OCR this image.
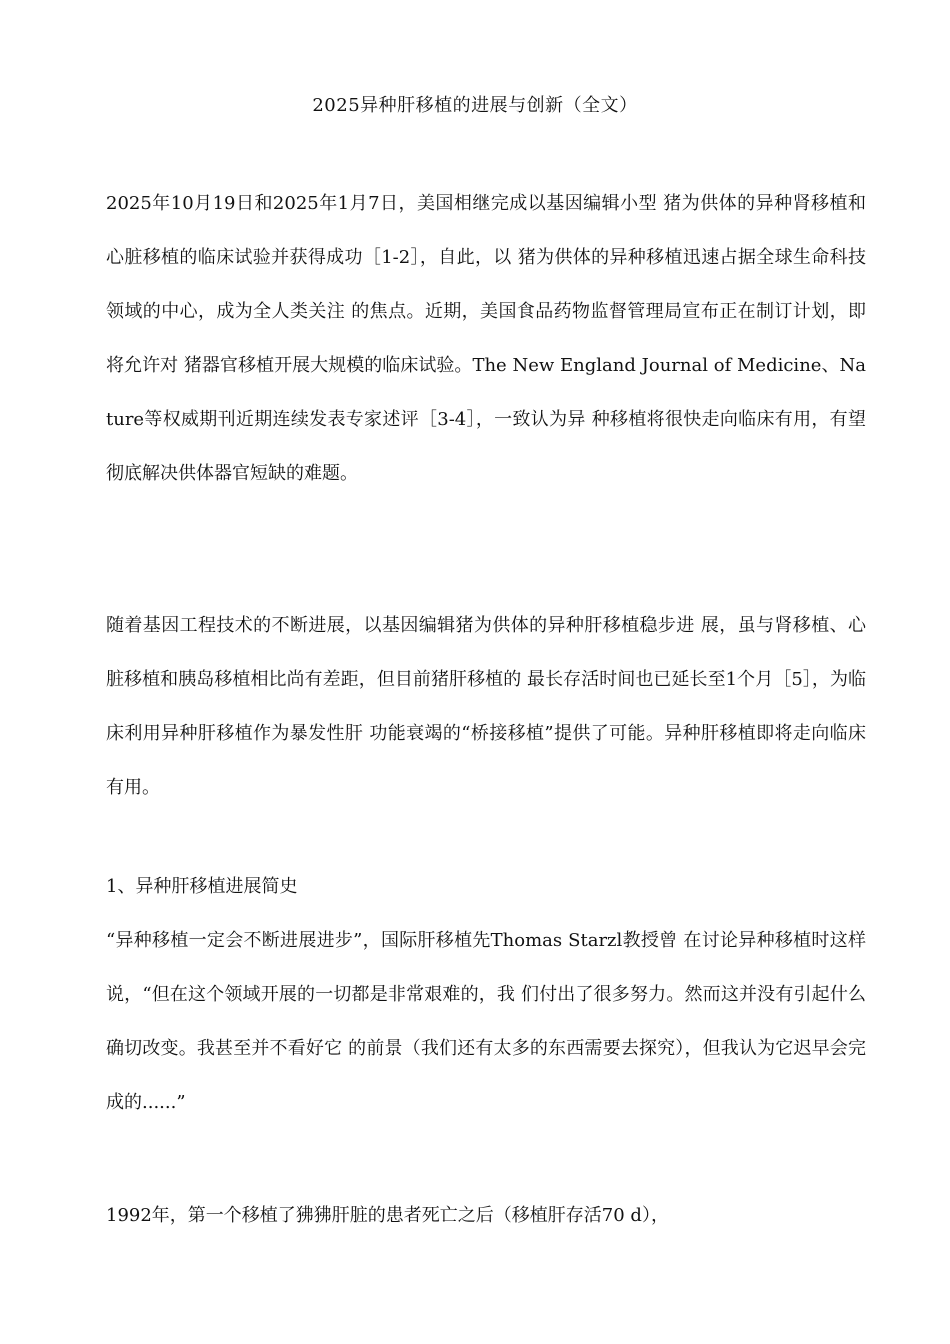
2025异种肝移植的进展与创新（全文）

2025年10月19日和2025年1月7日，美国相继完成以基因编辑小型 猪为供体的异种肾移植和心脏移植的临床试验并获得成功［1-2］，自此，以 猪为供体的异种移植迅速占据全球生命科技领域的中心，成为全人类关注 的焦点。近期，美国食品药物监督管理局宣布正在制订计划，即将允许对 猪器官移植开展大规模的临床试验。The New England Journal of Medicine、Nature等权威期刊近期连续发表专家述评［3-4］，一致认为异 种移植将很快走向临床有用，有望彻底解决供体器官短缺的难题。

随着基因工程技术的不断进展，以基因编辑猪为供体的异种肝移植稳步进 展，虽与肾移植、心脏移植和胰岛移植相比尚有差距，但目前猪肝移植的 最长存活时间也已延长至1个月［5］，为临床利用异种肝移植作为暴发性肝 功能衰竭的“桥接移植”提供了可能。异种肝移植即将走向临床有用。

1、异种肝移植进展简史

“异种移植一定会不断进展进步”，国际肝移植先Thomas Starzl教授曾 在讨论异种移植时这样说，“但在这个领域开展的一切都是非常艰难的，我 们付出了很多努力。然而这并没有引起什么确切改变。我甚至并不看好它 的前景（我们还有太多的东西需要去探究），但我认为它迟早会完成的......”

1992年，第一个移植了狒狒肝脏的患者死亡之后（移植肝存活70 d），
